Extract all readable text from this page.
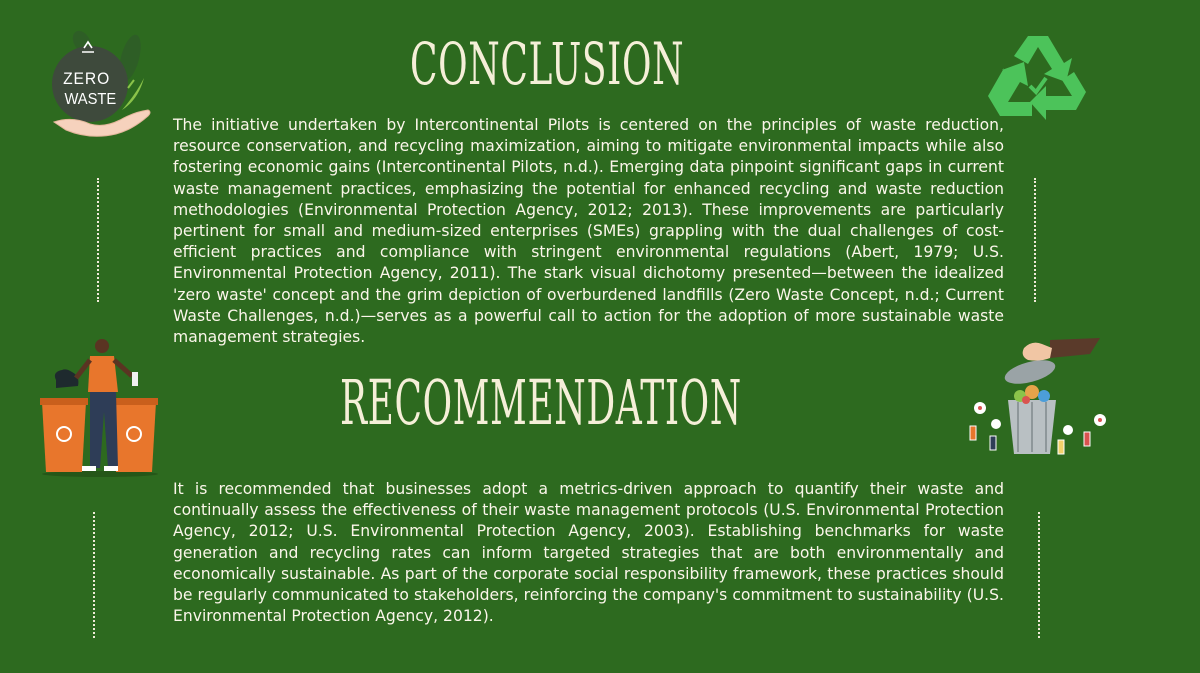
ZERO
WASTE
CONCLUSION
RECOMMENDATION

The initiative undertaken by Intercontinental Pilots is centered on the principles of waste reduction, resource conservation, and recycling maximization, aiming to mitigate environmental impacts while also fostering economic gains (Intercontinental Pilots, n.d.). Emerging data pinpoint significant gaps in current waste management practices, emphasizing the potential for enhanced recycling and waste reduction methodologies (Environmental Protection Agency, 2012; 2013). These improvements are particularly pertinent for small and medium-sized enterprises (SMEs) grappling with the dual challenges of cost-efficient practices and compliance with stringent environmental regulations (Abert, 1979; U.S. Environmental Protection Agency, 2011). The stark visual dichotomy presented—between the idealized 'zero waste' concept and the grim depiction of overburdened landfills (Zero Waste Concept, n.d.; Current Waste Challenges, n.d.)—serves as a powerful call to action for the adoption of more sustainable waste management strategies.

It is recommended that businesses adopt a metrics-driven approach to quantify their waste and continually assess the effectiveness of their waste management protocols (U.S. Environmental Protection Agency, 2012; U.S. Environmental Protection Agency, 2003). Establishing benchmarks for waste generation and recycling rates can inform targeted strategies that are both environmentally and economically sustainable. As part of the corporate social responsibility framework, these practices should be regularly communicated to stakeholders, reinforcing the company's commitment to sustainability (U.S. Environmental Protection Agency, 2012).
